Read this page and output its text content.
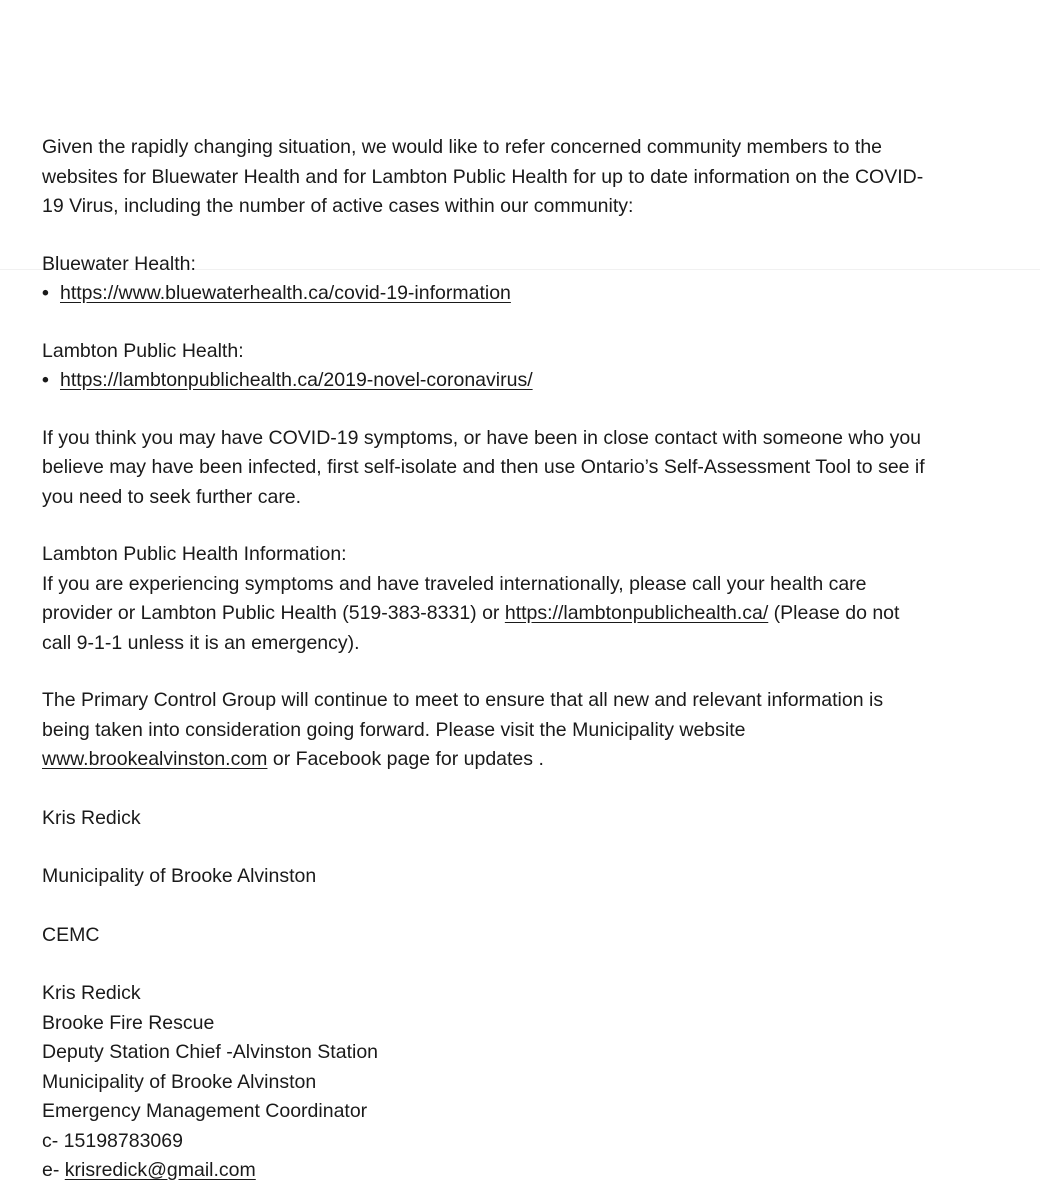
Given the rapidly changing situation, we would like to refer concerned community members to the

websites for Bluewater Health and for Lambton Public Health for up to date information on the COVID-

19 Virus, including the number of active cases within our community:

Bluewater Health:

• https://www.bluewaterhealth.ca/covid-19-information

Lambton Public Health:

• https://lambtonpublichealth.ca/2019-novel-coronavirus/

If you think you may have COVID-19 symptoms, or have been in close contact with someone who you

believe may have been infected, first self-isolate and then use Ontario’s Self-Assessment Tool to see if

you need to seek further care.

Lambton Public Health Information:

If you are experiencing symptoms and have traveled internationally, please call your health care

provider or Lambton Public Health (519-383-8331) or https://lambtonpublichealth.ca/ (Please do not

call 9-1-1 unless it is an emergency).

The Primary Control Group will continue to meet to ensure that all new and relevant information is

being taken into consideration going forward. Please visit the Municipality website

www.brookealvinston.com or Facebook page for updates .

Kris Redick

Municipality of Brooke Alvinston

CEMC

Kris Redick

Brooke Fire Rescue

Deputy Station Chief -Alvinston Station

Municipality of Brooke Alvinston

Emergency Management Coordinator

c- 15198783069

e- krisredick@gmail.com
